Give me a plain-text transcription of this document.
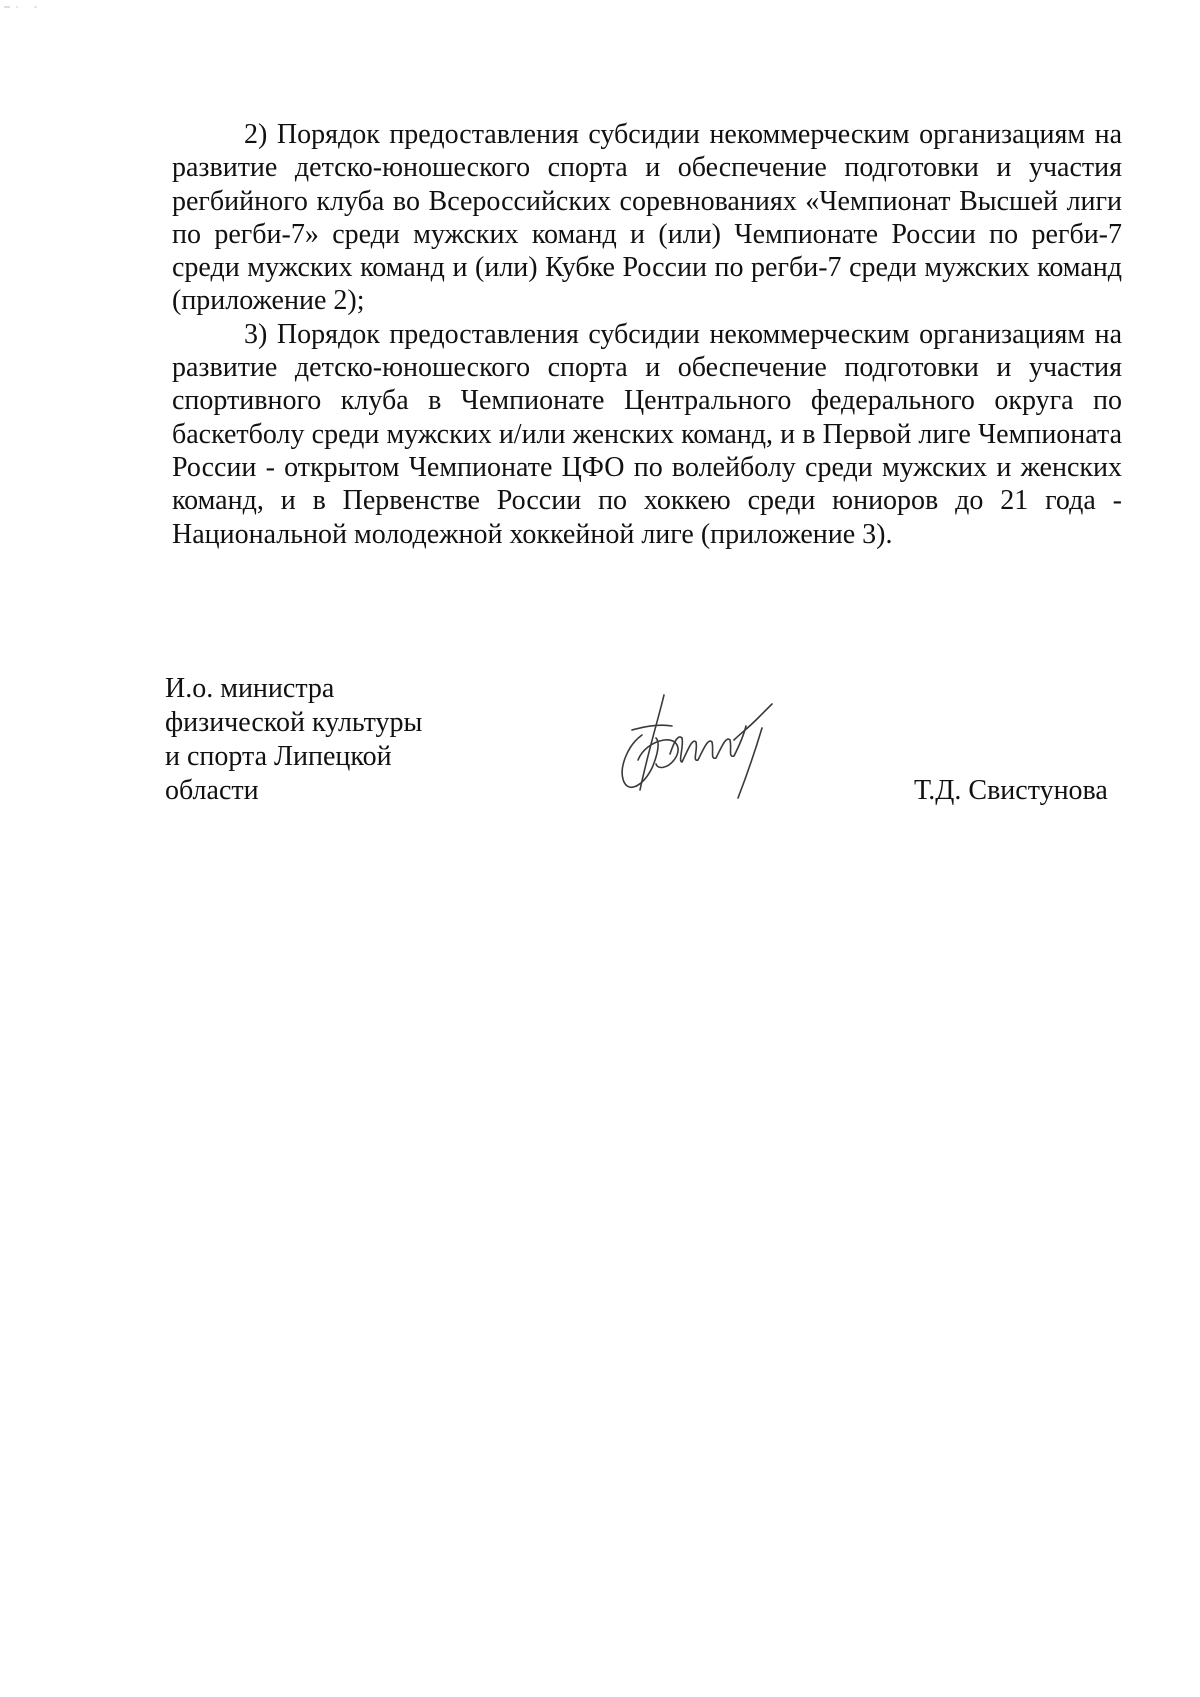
2) Порядок предоставления субсидии некоммерческим организациям на развитие детско-юношеского спорта и обеспечение подготовки и участия регбийного клуба во Всероссийских соревнованиях «Чемпионат Высшей лиги по регби-7» среди мужских команд и (или) Чемпионате России по регби-7 среди мужских команд и (или) Кубке России по регби-7 среди мужских команд (приложение 2);

3) Порядок предоставления субсидии некоммерческим организациям на развитие детско-юношеского спорта и обеспечение подготовки и участия спортивного клуба в Чемпионате Центрального федерального округа по баскетболу среди мужских и/или женских команд, и в Первой лиге Чемпионата России - открытом Чемпионате ЦФО по волейболу среди мужских и женских команд, и в Первенстве России по хоккею среди юниоров до 21 года - Национальной молодежной хоккейной лиге (приложение 3).

И.о. министра
физической культуры
и спорта Липецкой
области	Т.Д. Свистунова
